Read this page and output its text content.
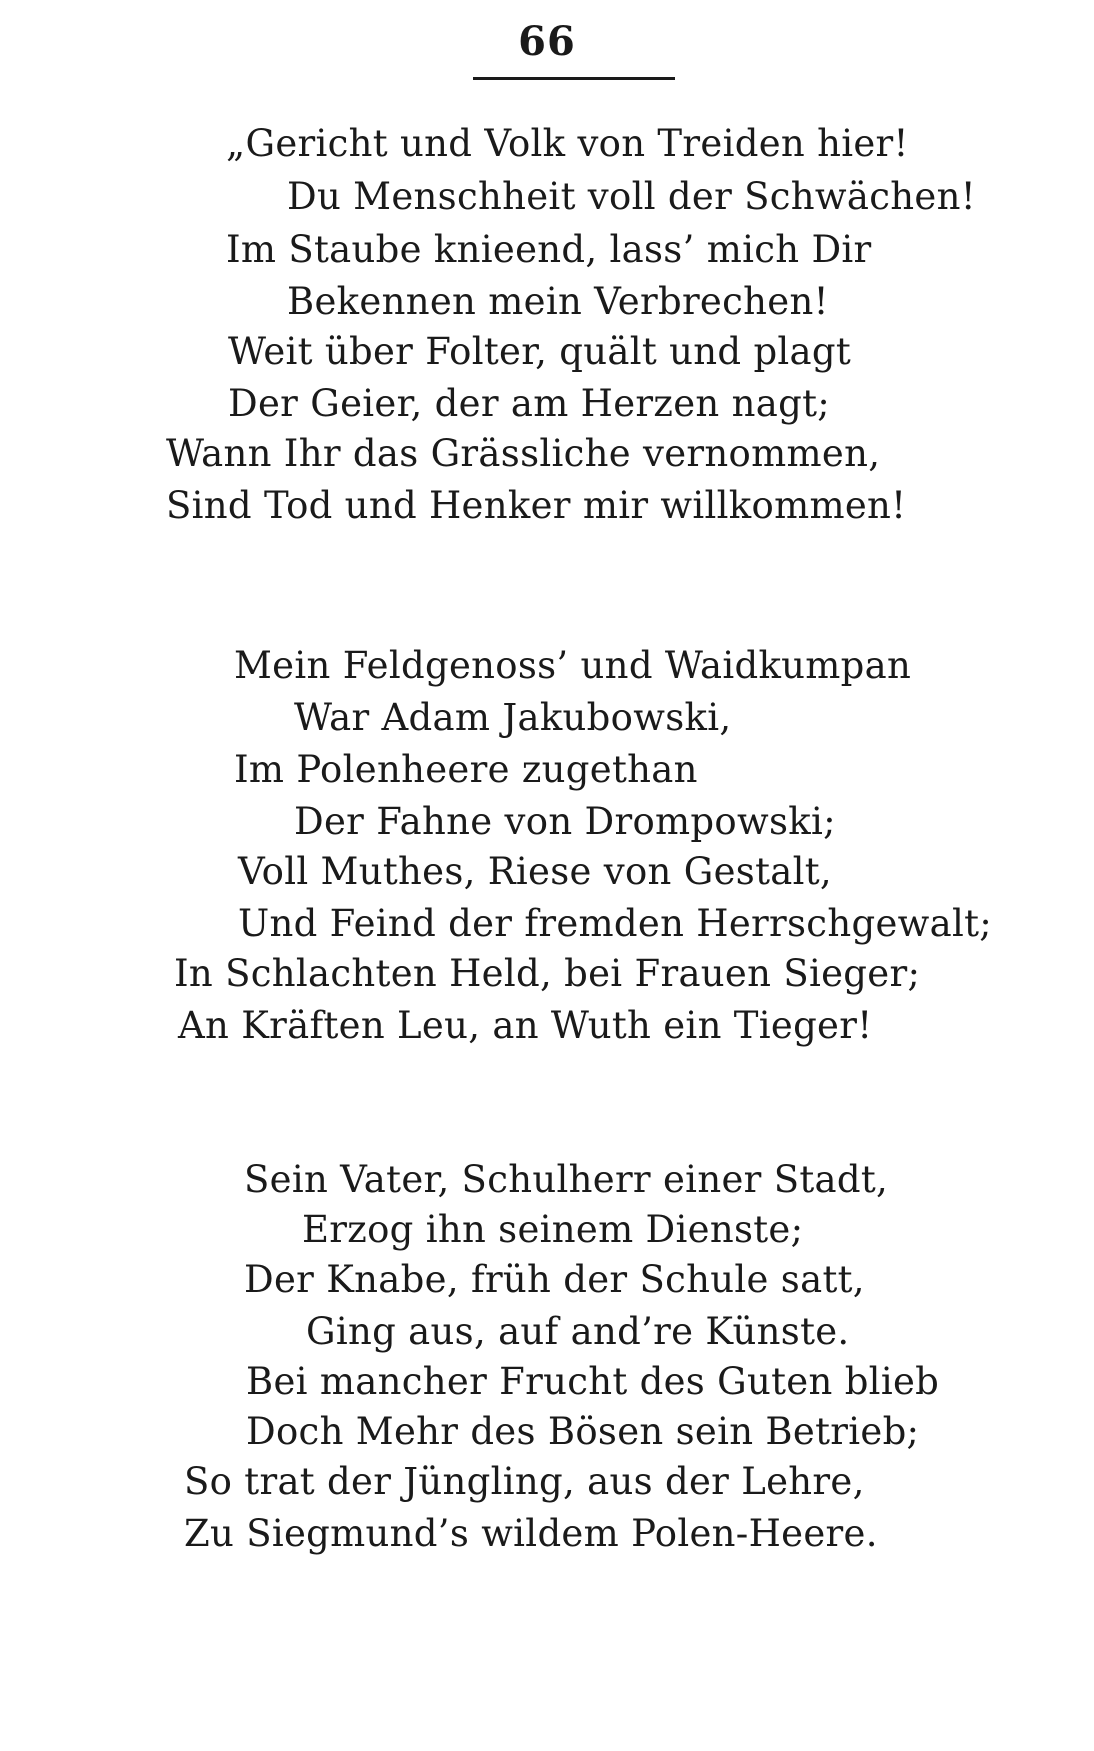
66
„Gericht und Volk von Treiden hier!
Du Menschheit voll der Schwächen!
Im Staube knieend, lass’ mich Dir
Bekennen mein Verbrechen!
Weit über Folter, quält und plagt
Der Geier, der am Herzen nagt;
Wann Ihr das Grässliche vernommen,
Sind Tod und Henker mir willkommen!
Mein Feldgenoss’ und Waidkumpan
War Adam Jakubowski,
Im Polenheere zugethan
Der Fahne von Drompowski;
Voll Muthes, Riese von Gestalt,
Und Feind der fremden Herrschgewalt;
In Schlachten Held, bei Frauen Sieger;
An Kräften Leu, an Wuth ein Tieger!
Sein Vater, Schulherr einer Stadt,
Erzog ihn seinem Dienste;
Der Knabe, früh der Schule satt,
Ging aus, auf and’re Künste.
Bei mancher Frucht des Guten blieb
Doch Mehr des Bösen sein Betrieb;
So trat der Jüngling, aus der Lehre,
Zu Siegmund’s wildem Polen-Heere.
